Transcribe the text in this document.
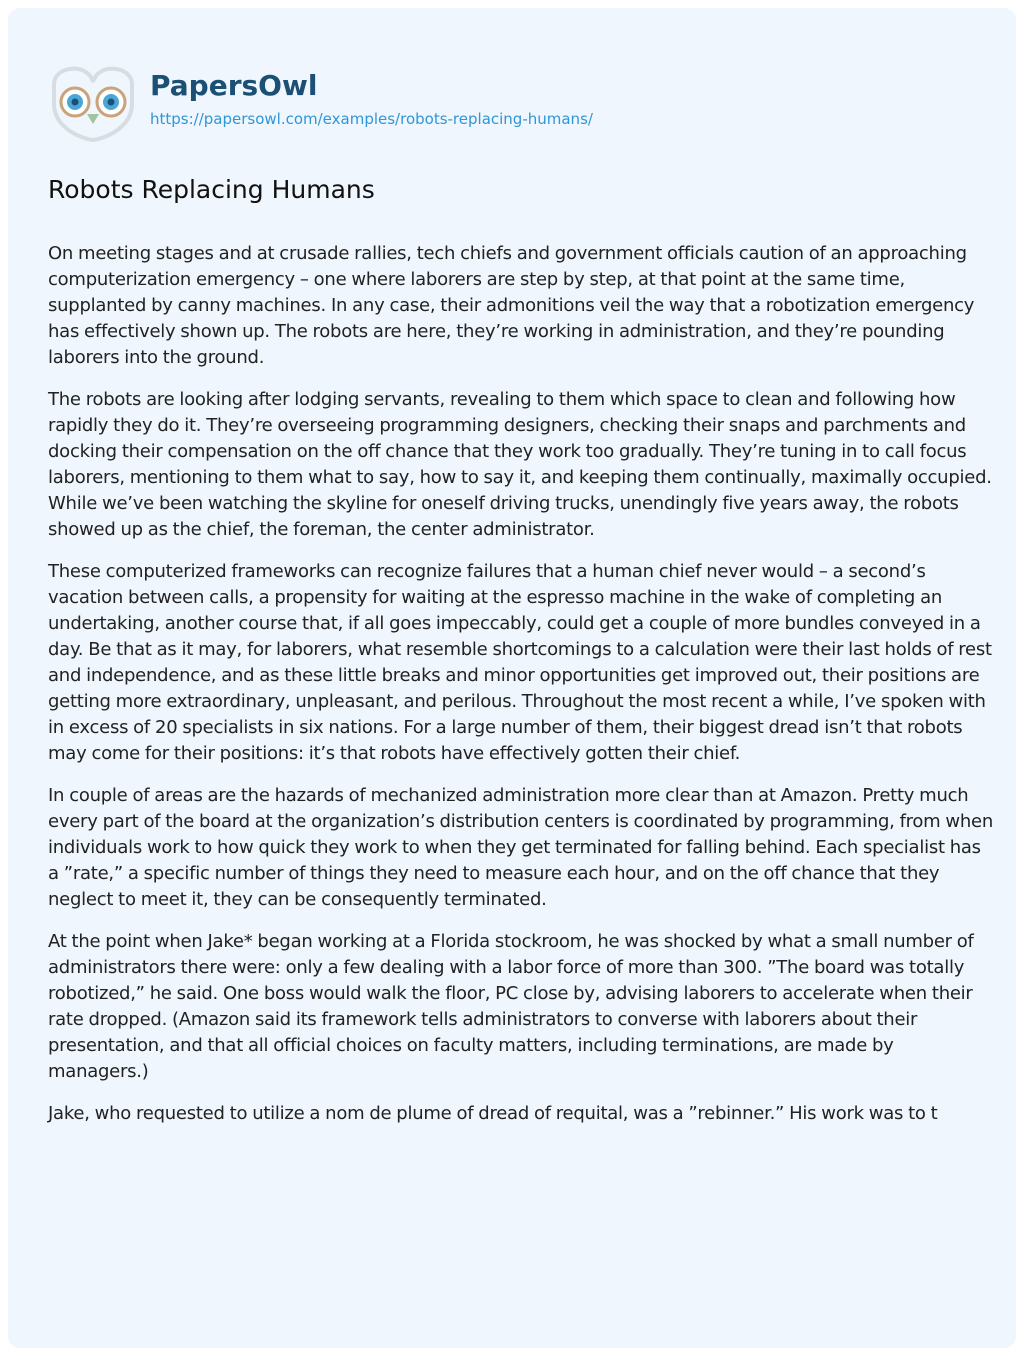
PapersOwl
https://papersowl.com/examples/robots-replacing-humans/
Robots Replacing Humans

On meeting stages and at crusade rallies, tech chiefs and government officials caution of an approaching computerization emergency – one where laborers are step by step, at that point at the same time, supplanted by canny machines. In any case, their admonitions veil the way that a robotization emergency has effectively shown up. The robots are here, they’re working in administration, and they’re pounding laborers into the ground.

The robots are looking after lodging servants, revealing to them which space to clean and following how rapidly they do it. They’re overseeing programming designers, checking their snaps and parchments and docking their compensation on the off chance that they work too gradually. They’re tuning in to call focus laborers, mentioning to them what to say, how to say it, and keeping them continually, maximally occupied. While we’ve been watching the skyline for oneself driving trucks, unendingly five years away, the robots showed up as the chief, the foreman, the center administrator.

These computerized frameworks can recognize failures that a human chief never would – a second’s vacation between calls, a propensity for waiting at the espresso machine in the wake of completing an undertaking, another course that, if all goes impeccably, could get a couple of more bundles conveyed in a day. Be that as it may, for laborers, what resemble shortcomings to a calculation were their last holds of rest and independence, and as these little breaks and minor opportunities get improved out, their positions are getting more extraordinary, unpleasant, and perilous. Throughout the most recent a while, I’ve spoken with in excess of 20 specialists in six nations. For a large number of them, their biggest dread isn’t that robots may come for their positions: it’s that robots have effectively gotten their chief.

In couple of areas are the hazards of mechanized administration more clear than at Amazon. Pretty much every part of the board at the organization’s distribution centers is coordinated by programming, from when individuals work to how quick they work to when they get terminated for falling behind. Each specialist has a ”rate,” a specific number of things they need to measure each hour, and on the off chance that they neglect to meet it, they can be consequently terminated.

At the point when Jake* began working at a Florida stockroom, he was shocked by what a small number of administrators there were: only a few dealing with a labor force of more than 300. ”The board was totally robotized,” he said. One boss would walk the floor, PC close by, advising laborers to accelerate when their rate dropped. (Amazon said its framework tells administrators to converse with laborers about their presentation, and that all official choices on faculty matters, including terminations, are made by managers.)

Jake, who requested to utilize a nom de plume of dread of requital, was a ”rebinner.” His work was to t
